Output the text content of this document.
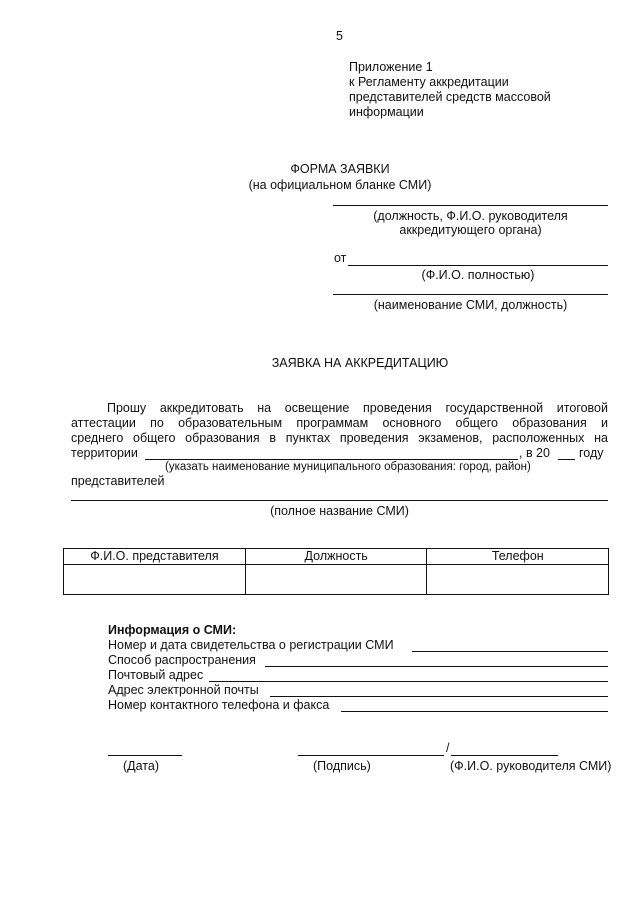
5
Приложение 1
к Регламенту аккредитации
представителей средств массовой
информации
ФОРМА ЗАЯВКИ
(на официальном бланке СМИ)
(должность, Ф.И.О. руководителя
аккредитующего органа)
от
(Ф.И.О. полностью)
(наименование СМИ, должность)
ЗАЯВКА НА АККРЕДИТАЦИЮ
Прошу аккредитовать на освещение проведения государственной итоговой
аттестации по образовательным программам основного общего образования и
среднего общего образования в пунктах проведения экзаменов, расположенных на
территории	, в 20 году
(указать наименование муниципального образования: город, район)
представителей
(полное название СМИ)
Ф.И.О. представителя	Должность	Телефон

Информация о СМИ:
Номер и дата свидетельства о регистрации СМИ
Способ распространения
Почтовый адрес
Адрес электронной почты
Номер контактного телефона и факса
(Дата)
/
(Подпись)	(Ф.И.О. руководителя СМИ)
